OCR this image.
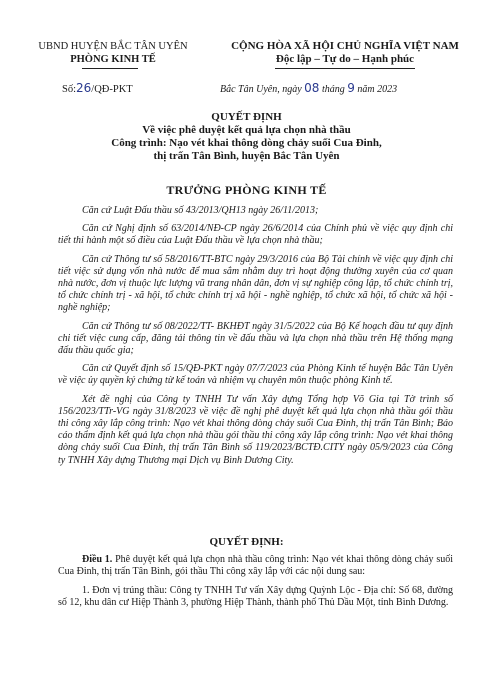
UBND HUYỆN BẮC TÂN UYÊN
PHÒNG KINH TẾ
CỘNG HÒA XÃ HỘI CHỦ NGHĨA VIỆT NAM
Độc lập – Tự do – Hạnh phúc
Số:26/QĐ-PKT	Bắc Tân Uyên, ngày 08 tháng 9 năm 2023
QUYẾT ĐỊNH
Về việc phê duyệt kết quả lựa chọn nhà thầu
Công trình: Nạo vét khai thông dòng chảy suối Cua Đinh,
thị trấn Tân Bình, huyện Bắc Tân Uyên
TRƯỞNG PHÒNG KINH TẾ

Căn cứ Luật Đấu thầu số 43/2013/QH13 ngày 26/11/2013;

Căn cứ Nghị định số 63/2014/NĐ-CP ngày 26/6/2014 của Chính phủ về việc quy định chi tiết thi hành một số điều của Luật Đấu thầu về lựa chọn nhà thầu;

Căn cứ Thông tư số 58/2016/TT-BTC ngày 29/3/2016 của Bộ Tài chính về việc quy định chi tiết việc sử dụng vốn nhà nước để mua sắm nhằm duy trì hoạt động thường xuyên của cơ quan nhà nước, đơn vị thuộc lực lượng vũ trang nhân dân, đơn vị sự nghiệp công lập, tổ chức chính trị, tổ chức chính trị - xã hội, tổ chức chính trị xã hội - nghề nghiệp, tổ chức xã hội, tổ chức xã hội - nghề nghiệp;

Căn cứ Thông tư số 08/2022/TT- BKHĐT ngày 31/5/2022 của Bộ Kế hoạch đầu tư quy định chi tiết việc cung cấp, đăng tải thông tin về đấu thầu và lựa chọn nhà thầu trên Hệ thống mạng đấu thầu quốc gia;

Căn cứ Quyết định số 15/QĐ-PKT ngày 07/7/2023 của Phòng Kinh tế huyện Bắc Tân Uyên về việc ủy quyền ký chứng từ kế toán và nhiệm vụ chuyên môn thuộc phòng Kinh tế.

Xét đề nghị của Công ty TNHH Tư vấn Xây dựng Tổng hợp Võ Gia tại Tờ trình số 156/2023/TTr-VG ngày 31/8/2023 về việc đề nghị phê duyệt kết quả lựa chọn nhà thầu gói thầu thi công xây lắp công trình: Nạo vét khai thông dòng chảy suối Cua Đinh, thị trấn Tân Bình; Báo cáo thẩm định kết quả lựa chọn nhà thầu gói thầu thi công xây lắp công trình: Nạo vét khai thông dòng chảy suối Cua Đinh, thị trấn Tân Bình số 119/2023/BCTĐ.CITY ngày 05/9/2023 của Công ty TNHH Xây dựng Thương mại Dịch vụ Bình Dương City.

QUYẾT ĐỊNH:

Điều 1. Phê duyệt kết quả lựa chọn nhà thầu công trình: Nạo vét khai thông dòng chảy suối Cua Đinh, thị trấn Tân Bình, gói thầu Thi công xây lắp với các nội dung sau:

1. Đơn vị trúng thầu: Công ty TNHH Tư vấn Xây dựng Quỳnh Lộc - Địa chỉ: Số 68, đường số 12, khu dân cư Hiệp Thành 3, phường Hiệp Thành, thành phố Thủ Dầu Một, tỉnh Bình Dương.
